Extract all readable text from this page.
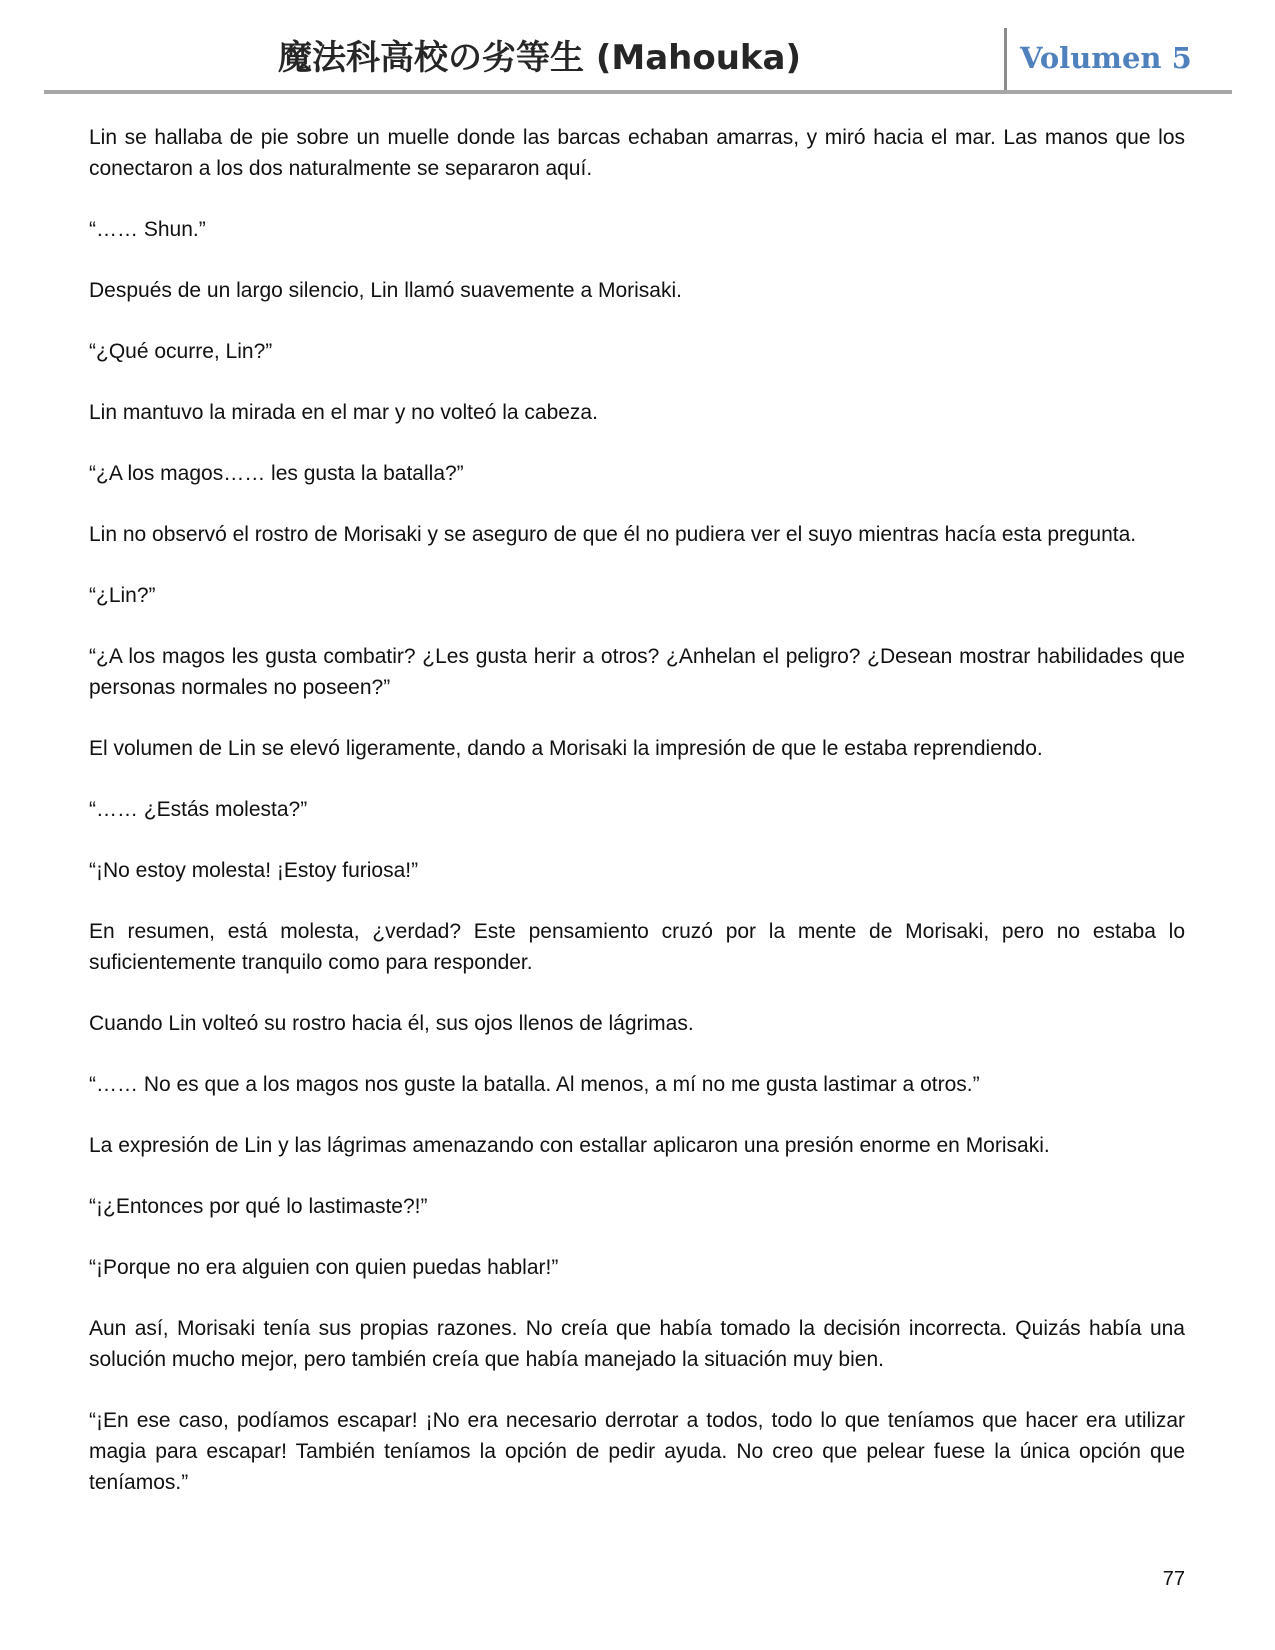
魔法科高校の劣等生 (Mahouka)	Volumen 5

Lin se hallaba de pie sobre un muelle donde las barcas echaban amarras, y miró hacia el mar. Las manos que los conectaron a los dos naturalmente se separaron aquí.

“…… Shun.”

Después de un largo silencio, Lin llamó suavemente a Morisaki.

“¿Qué ocurre, Lin?”

Lin mantuvo la mirada en el mar y no volteó la cabeza.

“¿A los magos…… les gusta la batalla?”

Lin no observó el rostro de Morisaki y se aseguro de que él no pudiera ver el suyo mientras hacía esta pregunta.

“¿Lin?”

“¿A los magos les gusta combatir? ¿Les gusta herir a otros? ¿Anhelan el peligro? ¿Desean mostrar habilidades que personas normales no poseen?”

El volumen de Lin se elevó ligeramente, dando a Morisaki la impresión de que le estaba reprendiendo.

“…… ¿Estás molesta?”

“¡No estoy molesta! ¡Estoy furiosa!”

En resumen, está molesta, ¿verdad? Este pensamiento cruzó por la mente de Morisaki, pero no estaba lo suficientemente tranquilo como para responder.

Cuando Lin volteó su rostro hacia él, sus ojos llenos de lágrimas.

“…… No es que a los magos nos guste la batalla. Al menos, a mí no me gusta lastimar a otros.”

La expresión de Lin y las lágrimas amenazando con estallar aplicaron una presión enorme en Morisaki.

“¡¿Entonces por qué lo lastimaste?!”

“¡Porque no era alguien con quien puedas hablar!”

Aun así, Morisaki tenía sus propias razones. No creía que había tomado la decisión incorrecta. Quizás había una solución mucho mejor, pero también creía que había manejado la situación muy bien.

“¡En ese caso, podíamos escapar! ¡No era necesario derrotar a todos, todo lo que teníamos que hacer era utilizar magia para escapar! También teníamos la opción de pedir ayuda. No creo que pelear fuese la única opción que teníamos.”

77
